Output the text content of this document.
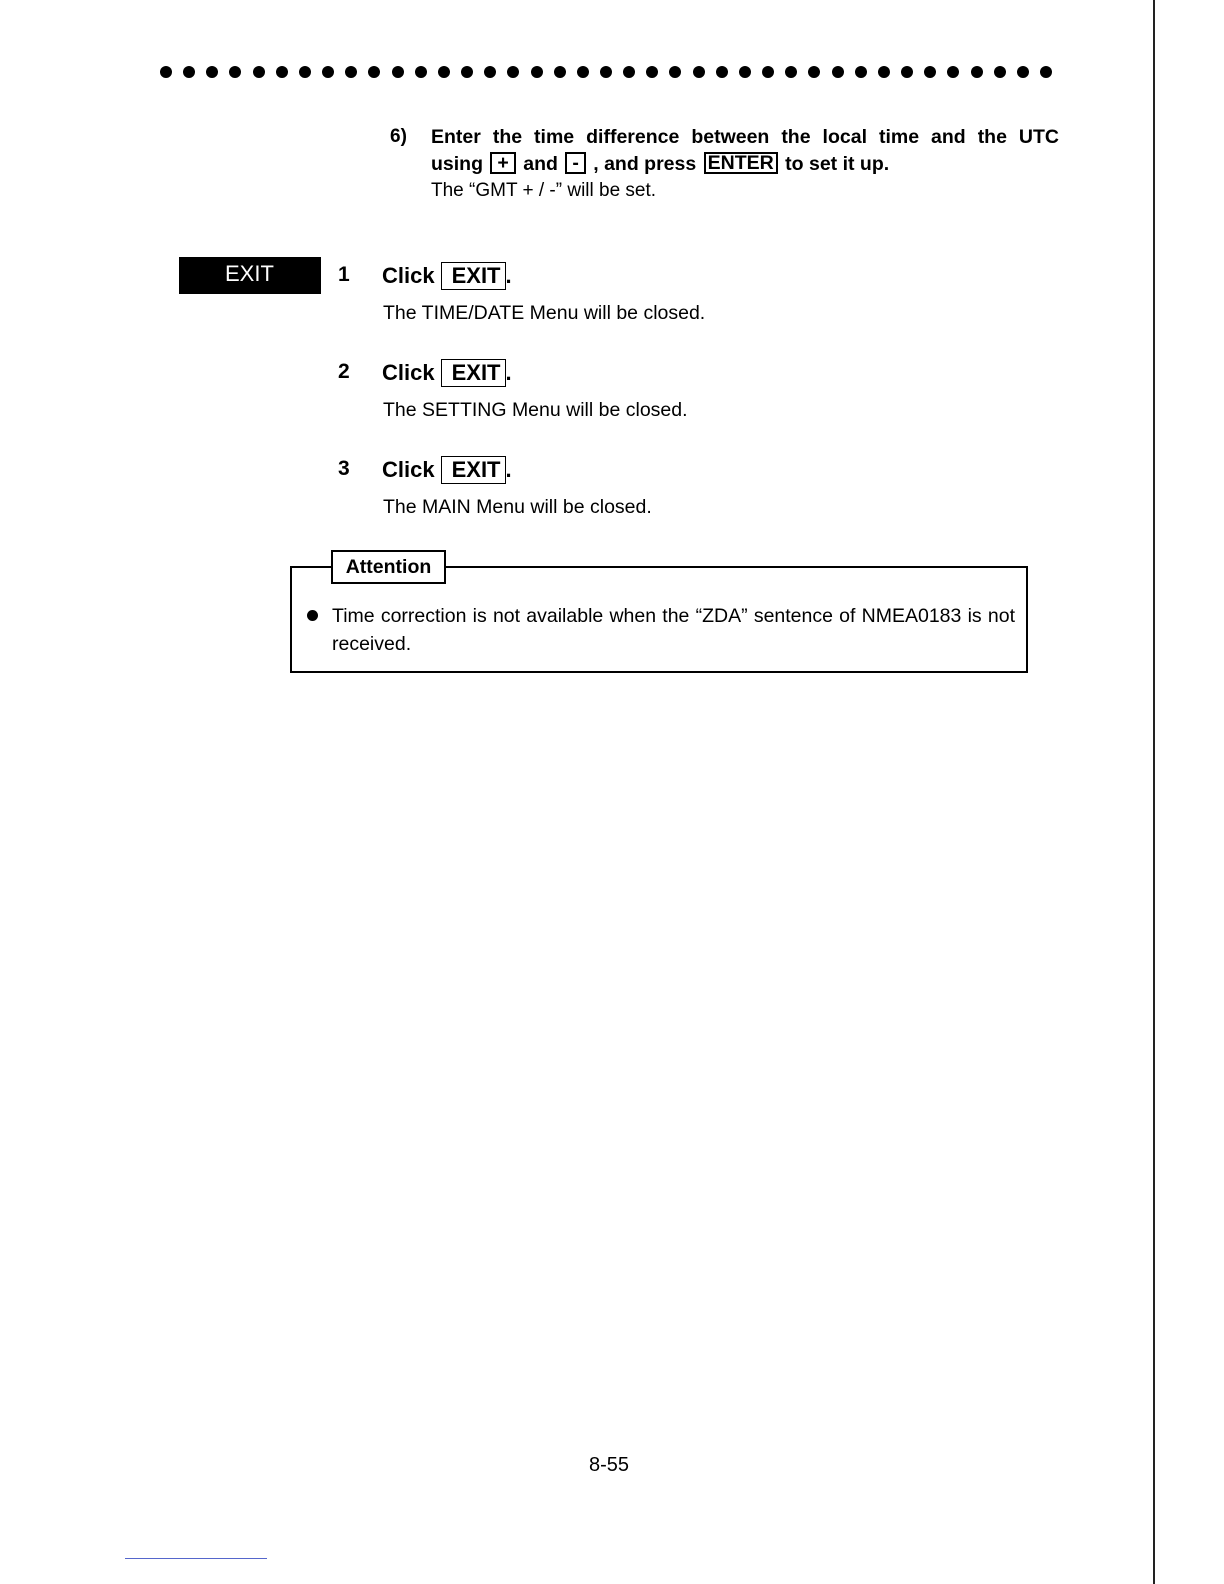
6) Enter the time difference between the local time and the UTC
using + and - , and press ENTER to set it up.
The “GMT + / -” will be set.
EXIT	1 Click EXIT .
The TIME/DATE Menu will be closed.
2 Click EXIT .
The SETTING Menu will be closed.
3 Click EXIT .
The MAIN Menu will be closed.
Attention
Time correction is not available when the “ZDA” sentence of NMEA0183 is not received.
8-55
